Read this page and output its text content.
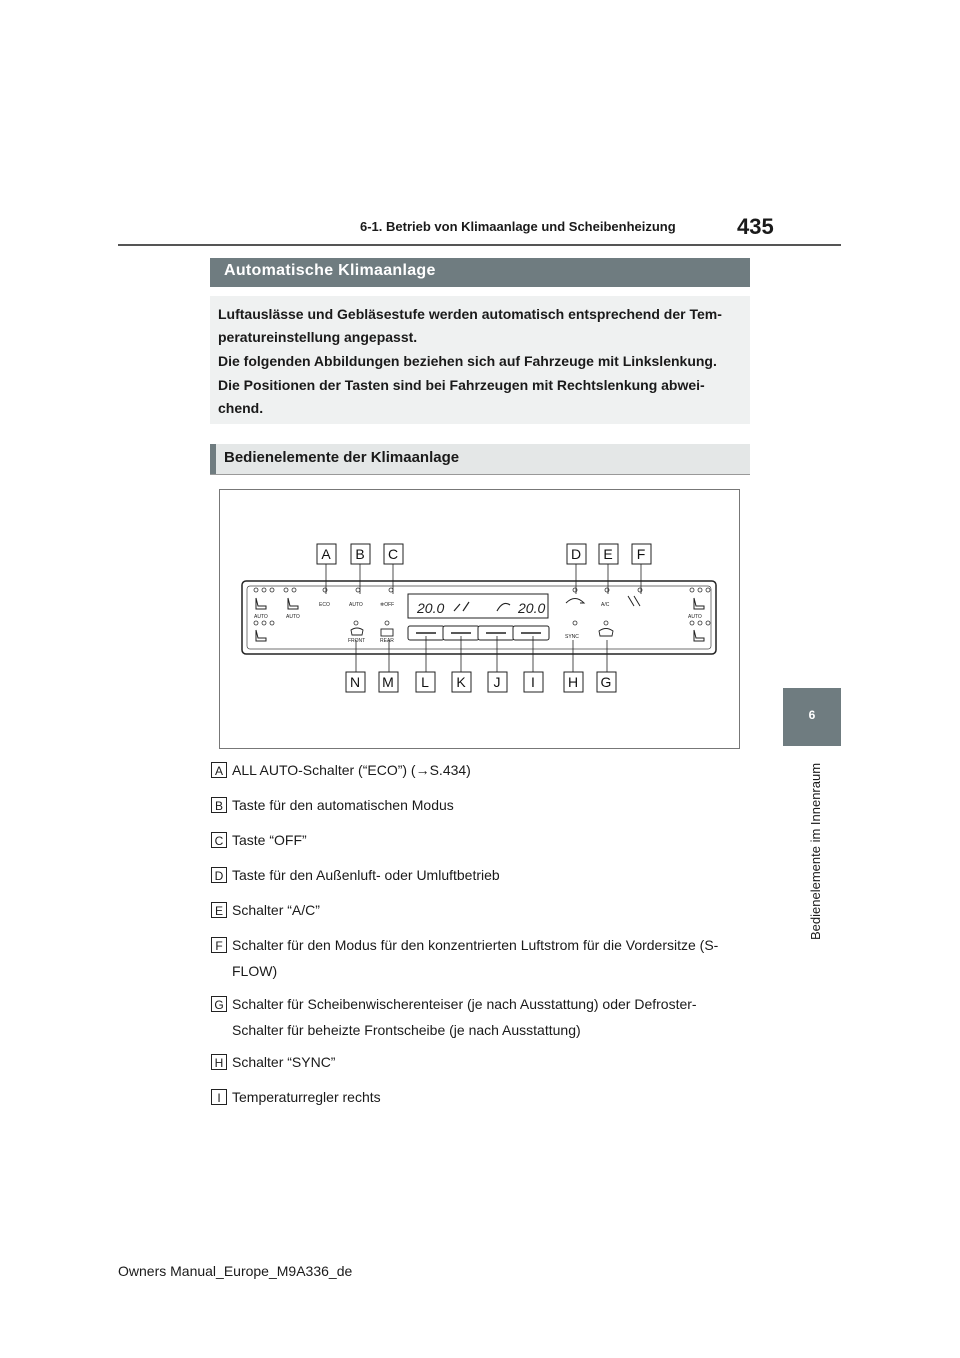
6-1. Betrieb von Klimaanlage und Scheibenheizung	435
6
Bedienelemente im Innenraum
Automatische Klimaanlage
Luftauslässe und Gebläsestufe werden automatisch entsprechend der Tem-
peratureinstellung angepasst.
Die folgenden Abbildungen beziehen sich auf Fahrzeuge mit Linkslenkung.
Die Positionen der Tasten sind bei Fahrzeugen mit Rechtslenkung abwei-
chend.
Bedienelemente der Klimaanlage
AUTO	AUTO
ECO	AUTO	❄OFF	A/C
AUTO
FRONT	REAR
SYNC
20.0	20.0
A B C	D E F
N M L K J I H G
A ALL AUTO-Schalter (“ECO”) (→S.434)
B Taste für den automatischen Modus
C Taste “OFF”
D Taste für den Außenluft- oder Umluftbetrieb
E Schalter “A/C”
F Schalter für den Modus für den konzentrierten Luftstrom für die Vordersitze (S-
FLOW)
G Schalter für Scheibenwischerenteiser (je nach Ausstattung) oder Defroster-
Schalter für beheizte Frontscheibe (je nach Ausstattung)
H Schalter “SYNC”
I Temperaturregler rechts
Owners Manual_Europe_M9A336_de
